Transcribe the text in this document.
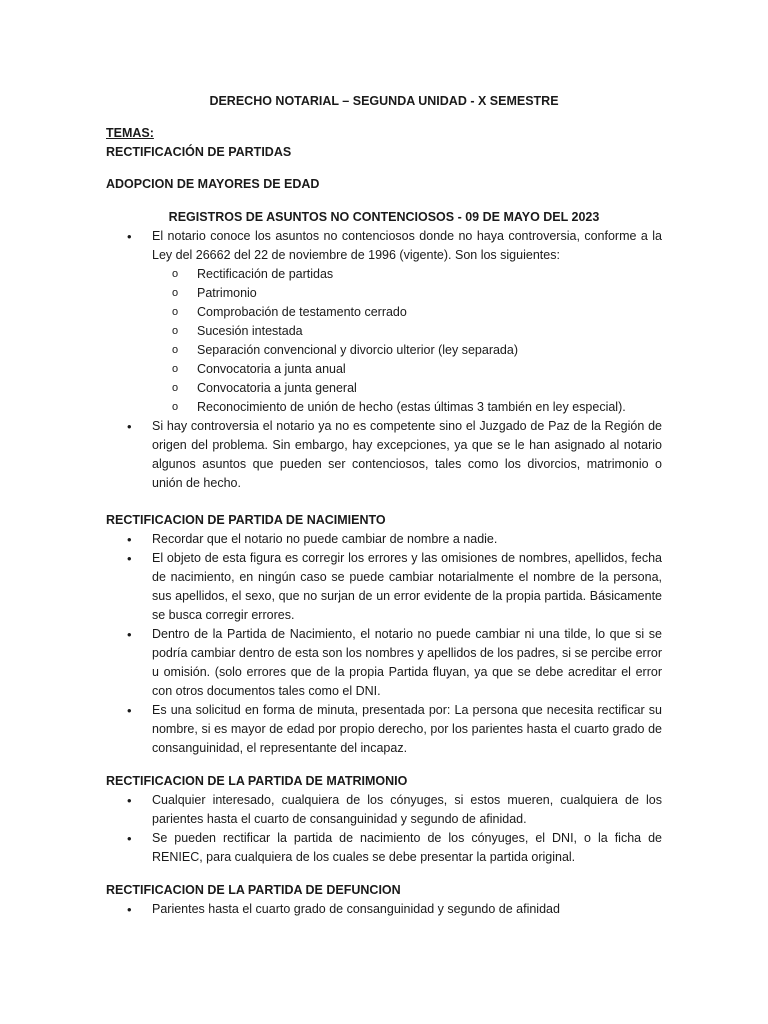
DERECHO NOTARIAL – SEGUNDA UNIDAD - X SEMESTRE

TEMAS:

RECTIFICACIÓN DE PARTIDAS

ADOPCION DE MAYORES DE EDAD

REGISTROS DE ASUNTOS NO CONTENCIOSOS - 09 DE MAYO DEL 2023

• El notario conoce los asuntos no contenciosos donde no haya controversia, conforme a la Ley del 26662 del 22 de noviembre de 1996 (vigente). Son los siguientes:
o Rectificación de partidas
o Patrimonio
o Comprobación de testamento cerrado
o Sucesión intestada
o Separación convencional y divorcio ulterior (ley separada)
o Convocatoria a junta anual
o Convocatoria a junta general
o Reconocimiento de unión de hecho (estas últimas 3 también en ley especial).
• Si hay controversia el notario ya no es competente sino el Juzgado de Paz de la Región de origen del problema. Sin embargo, hay excepciones, ya que se le han asignado al notario algunos asuntos que pueden ser contenciosos, tales como los divorcios, matrimonio o unión de hecho.

RECTIFICACION DE PARTIDA DE NACIMIENTO

• Recordar que el notario no puede cambiar de nombre a nadie.
• El objeto de esta figura es corregir los errores y las omisiones de nombres, apellidos, fecha de nacimiento, en ningún caso se puede cambiar notarialmente el nombre de la persona, sus apellidos, el sexo, que no surjan de un error evidente de la propia partida. Básicamente se busca corregir errores.
• Dentro de la Partida de Nacimiento, el notario no puede cambiar ni una tilde, lo que si se podría cambiar dentro de esta son los nombres y apellidos de los padres, si se percibe error u omisión. (solo errores que de la propia Partida fluyan, ya que se debe acreditar el error con otros documentos tales como el DNI.
• Es una solicitud en forma de minuta, presentada por: La persona que necesita rectificar su nombre, si es mayor de edad por propio derecho, por los parientes hasta el cuarto grado de consanguinidad, el representante del incapaz.

RECTIFICACION DE LA PARTIDA DE MATRIMONIO

• Cualquier interesado, cualquiera de los cónyuges, si estos mueren, cualquiera de los parientes hasta el cuarto de consanguinidad y segundo de afinidad.
• Se pueden rectificar la partida de nacimiento de los cónyuges, el DNI, o la ficha de RENIEC, para cualquiera de los cuales se debe presentar la partida original.

RECTIFICACION DE LA PARTIDA DE DEFUNCION

• Parientes hasta el cuarto grado de consanguinidad y segundo de afinidad
